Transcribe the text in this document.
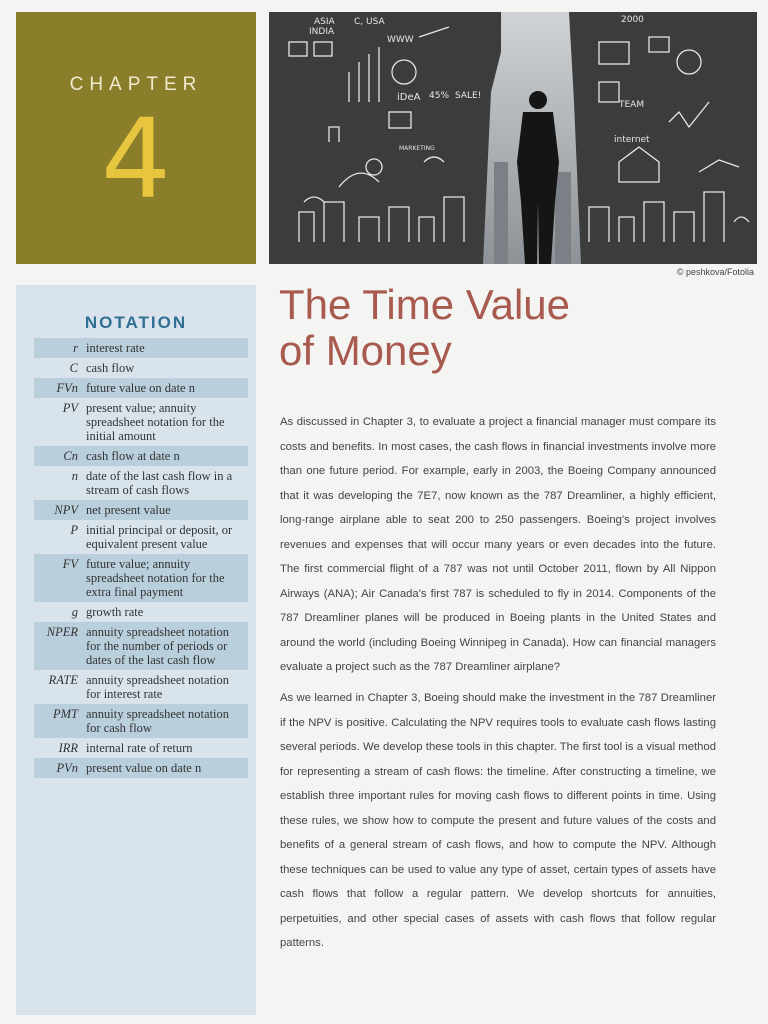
CHAPTER
4
ASIA
INDIA
C, USA
WWW
iDeA 45% SALE!
TEAM
internet
MARKETING
2000
© peshkova/Fotolia
NOTATION
r interest rate
C cash flow
FVn future value on date n
PV present value; annuity spreadsheet notation for the initial amount
Cn cash flow at date n
n date of the last cash flow in a stream of cash flows
NPV net present value
P initial principal or deposit, or equivalent present value
FV future value; annuity spreadsheet notation for the extra final payment
g growth rate
NPER annuity spreadsheet notation for the number of periods or dates of the last cash flow
RATE annuity spreadsheet notation for interest rate
PMT annuity spreadsheet notation for cash flow
IRR internal rate of return
PVn present value on date n
The Time Value
of Money
As discussed in Chapter 3, to evaluate a project a financial manager must compare its costs and benefits. In most cases, the cash flows in financial investments involve more than one future period. For example, early in 2003, the Boeing Company announced that it was developing the 7E7, now known as the 787 Dreamliner, a highly efficient, long-range airplane able to seat 200 to 250 passengers. Boeing's project involves revenues and expenses that will occur many years or even decades into the future. The first commercial flight of a 787 was not until October 2011, flown by All Nippon Airways (ANA); Air Canada's first 787 is scheduled to fly in 2014. Components of the 787 Dreamliner planes will be produced in Boeing plants in the United States and around the world (including Boeing Winnipeg in Canada). How can financial managers evaluate a project such as the 787 Dreamliner airplane?
As we learned in Chapter 3, Boeing should make the investment in the 787 Dreamliner if the NPV is positive. Calculating the NPV requires tools to evaluate cash flows lasting several periods. We develop these tools in this chapter. The first tool is a visual method for representing a stream of cash flows: the timeline. After constructing a timeline, we establish three important rules for moving cash flows to different points in time. Using these rules, we show how to compute the present and future values of the costs and benefits of a general stream of cash flows, and how to compute the NPV. Although these techniques can be used to value any type of asset, certain types of assets have cash flows that follow a regular pattern. We develop shortcuts for annuities, perpetuities, and other special cases of assets with cash flows that follow regular patterns.
